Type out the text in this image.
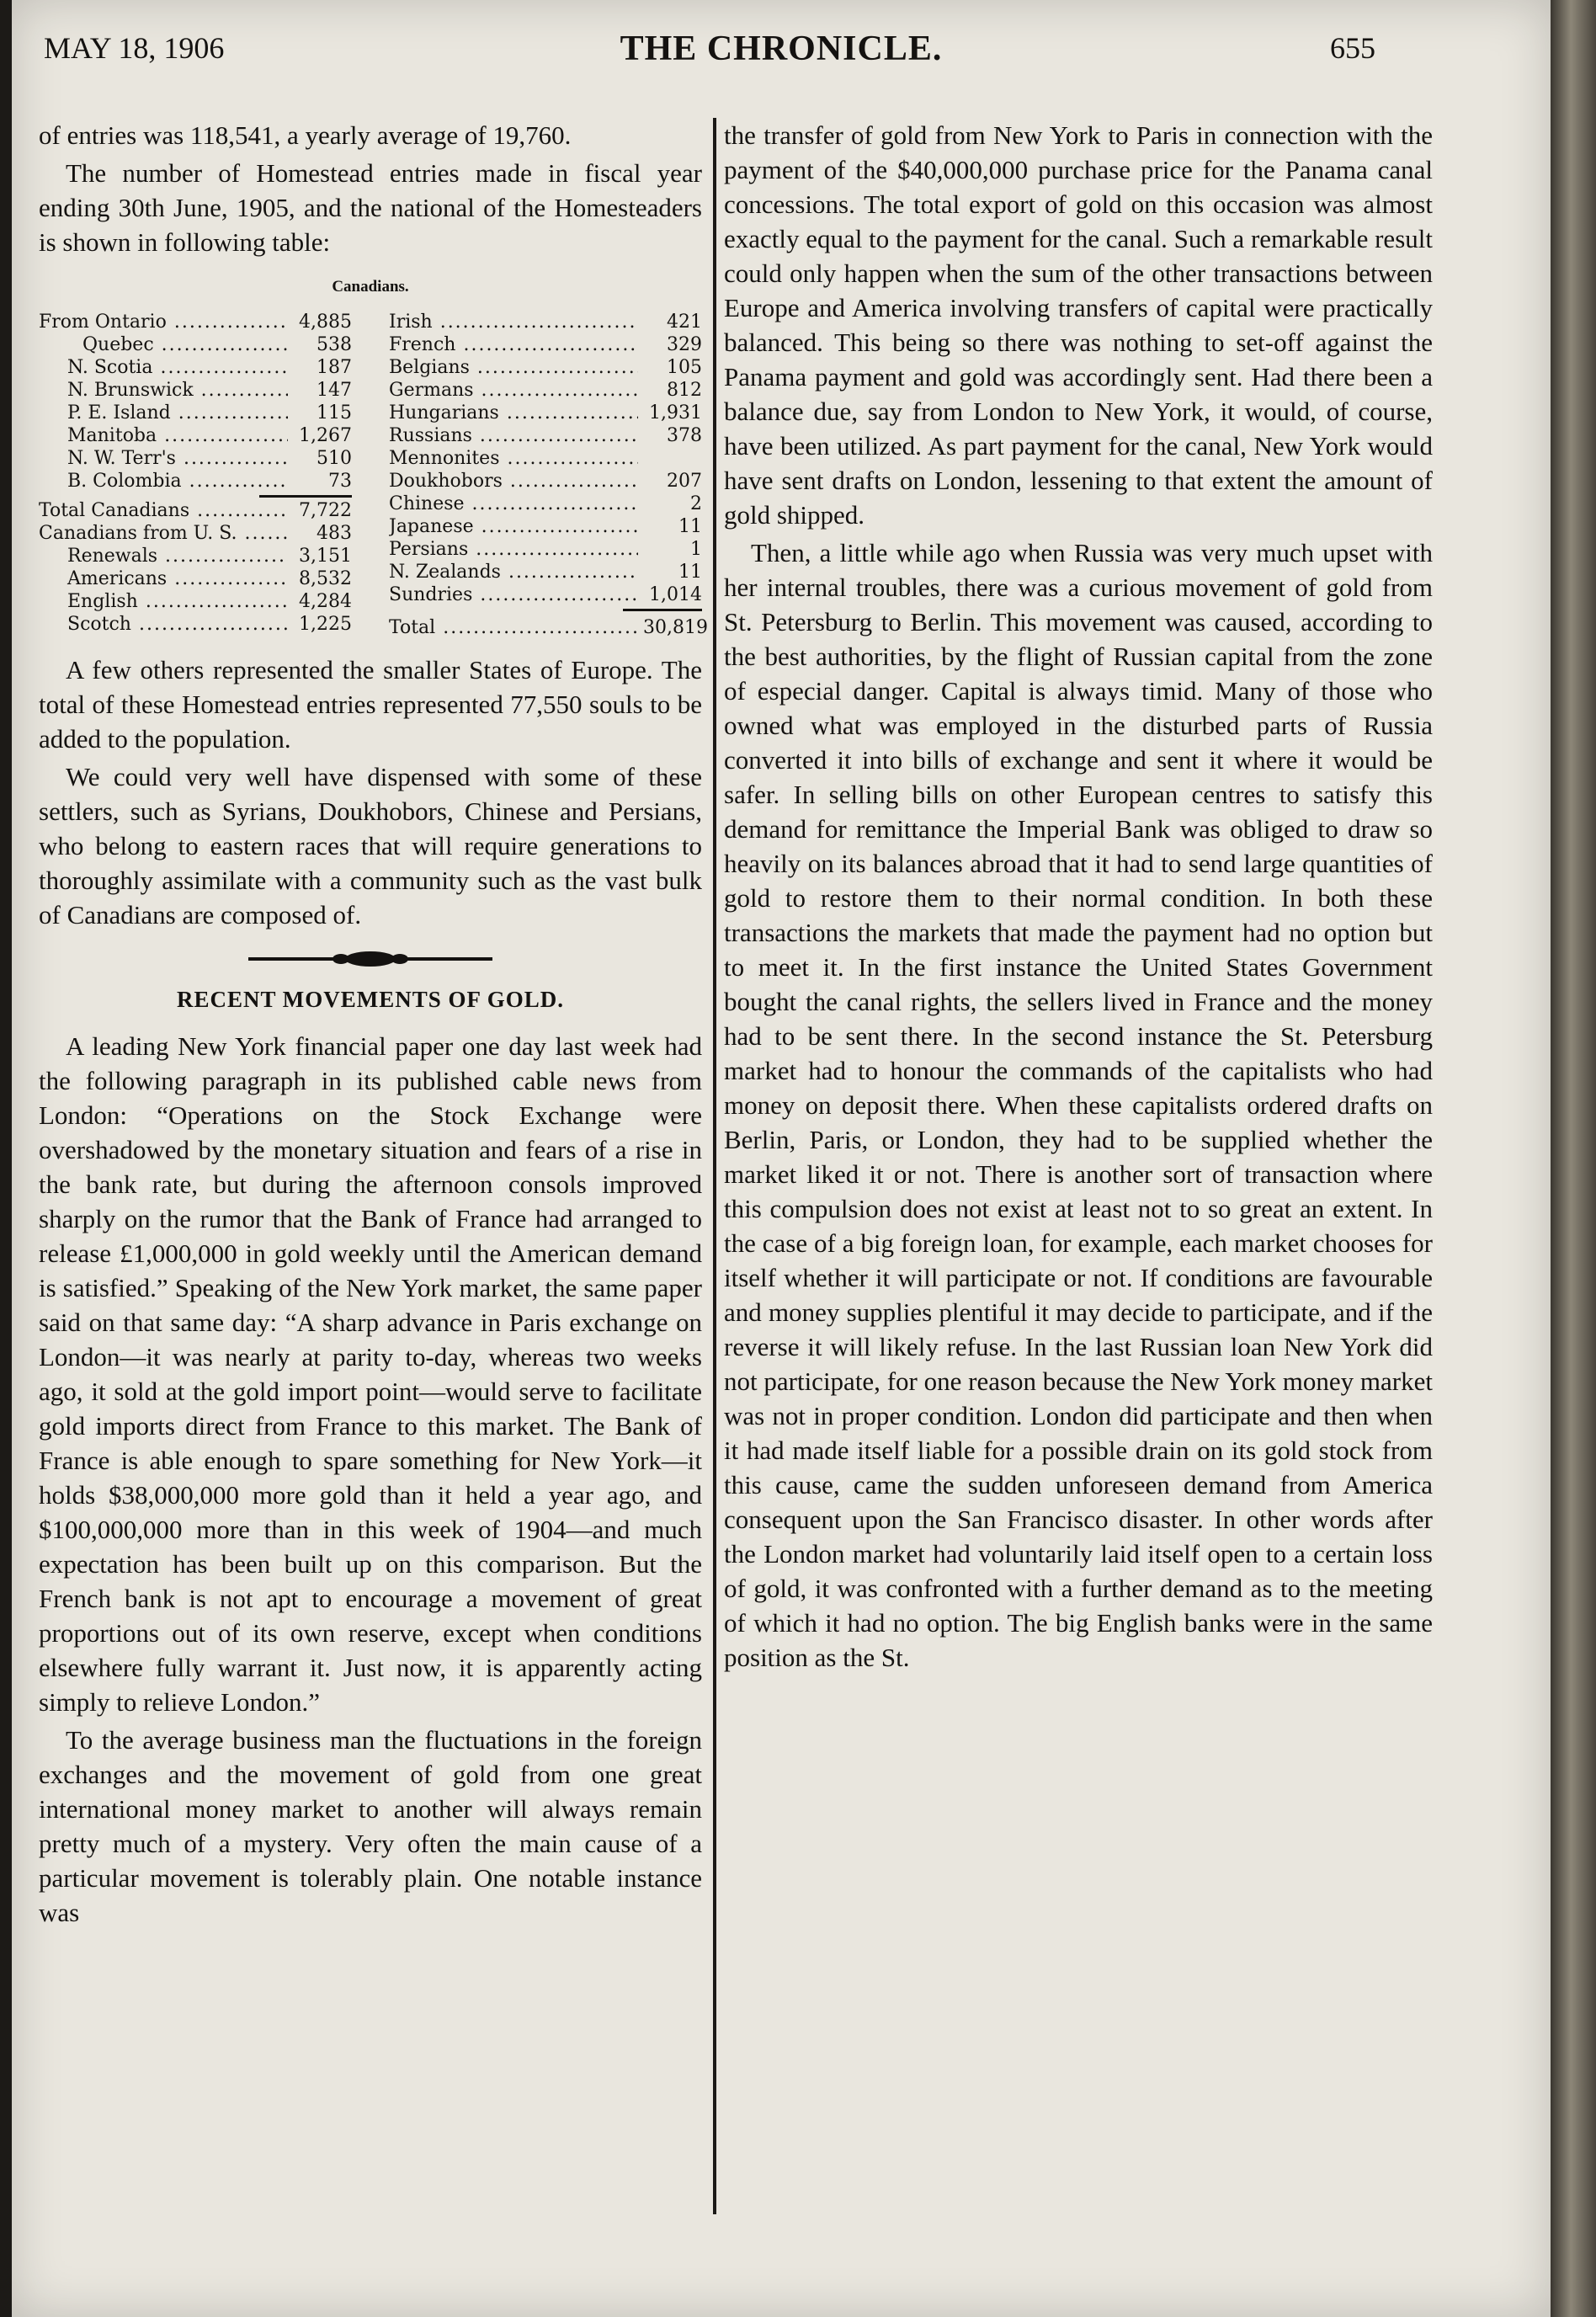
MAY 18, 1906	THE CHRONICLE.	655

of entries was 118,541, a yearly average of 19,760.

The number of Homestead entries made in fiscal year ending 30th June, 1905, and the national of the Homesteaders is shown in following table:

Canadians.
From Ontario .....	4,885
Quebec .....	538
N. Scotia .....	187
N. Brunswick .....	147
P. E. Island .....	115
Manitoba .....	1,267
N. W. Terr's .....	510
B. Colombia .....	73
Total Canadians .....	7,722
Canadians from U. S. .....	483
Renewals .....	3,151
Americans .....	8,532
English .....	4,284
Scotch .....	1,225
Irish .....	421
French .....	329
Belgians .....	105
Germans .....	812
Hungarians .....	1,931
Russians .....	378
Mennonites .....
Doukhobors .....	207
Chinese .....	2
Japanese .....	11
Persians .....	1
N. Zealands .....	11
Sundries .....	1,014
Total .....	30,819

A few others represented the smaller States of Europe. The total of these Homestead entries represented 77,550 souls to be added to the population.

We could very well have dispensed with some of these settlers, such as Syrians, Doukhobors, Chinese and Persians, who belong to eastern races that will require generations to thoroughly assimilate with a community such as the vast bulk of Canadians are composed of.

RECENT MOVEMENTS OF GOLD.

A leading New York financial paper one day last week had the following paragraph in its published cable news from London: “Operations on the Stock Exchange were overshadowed by the monetary situation and fears of a rise in the bank rate, but during the afternoon consols improved sharply on the rumor that the Bank of France had arranged to release £1,000,000 in gold weekly until the American demand is satisfied.” Speaking of the New York market, the same paper said on that same day: “A sharp advance in Paris exchange on London—it was nearly at parity to-day, whereas two weeks ago, it sold at the gold import point—would serve to facilitate gold imports direct from France to this market. The Bank of France is able enough to spare something for New York—it holds $38,000,000 more gold than it held a year ago, and $100,000,000 more than in this week of 1904—and much expectation has been built up on this comparison. But the French bank is not apt to encourage a movement of great proportions out of its own reserve, except when conditions elsewhere fully warrant it. Just now, it is apparently acting simply to relieve London.”

To the average business man the fluctuations in the foreign exchanges and the movement of gold from one great international money market to another will always remain pretty much of a mystery. Very often the main cause of a particular movement is tolerably plain. One notable instance was

the transfer of gold from New York to Paris in connection with the payment of the $40,000,000 purchase price for the Panama canal concessions. The total export of gold on this occasion was almost exactly equal to the payment for the canal. Such a remarkable result could only happen when the sum of the other transactions between Europe and America involving transfers of capital were practically balanced. This being so there was nothing to set-off against the Panama payment and gold was accordingly sent. Had there been a balance due, say from London to New York, it would, of course, have been utilized. As part payment for the canal, New York would have sent drafts on London, lessening to that extent the amount of gold shipped.

Then, a little while ago when Russia was very much upset with her internal troubles, there was a curious movement of gold from St. Petersburg to Berlin. This movement was caused, according to the best authorities, by the flight of Russian capital from the zone of especial danger. Capital is always timid. Many of those who owned what was employed in the disturbed parts of Russia converted it into bills of exchange and sent it where it would be safer. In selling bills on other European centres to satisfy this demand for remittance the Imperial Bank was obliged to draw so heavily on its balances abroad that it had to send large quantities of gold to restore them to their normal condition. In both these transactions the markets that made the payment had no option but to meet it. In the first instance the United States Government bought the canal rights, the sellers lived in France and the money had to be sent there. In the second instance the St. Petersburg market had to honour the commands of the capitalists who had money on deposit there. When these capitalists ordered drafts on Berlin, Paris, or London, they had to be supplied whether the market liked it or not. There is another sort of transaction where this compulsion does not exist at least not to so great an extent. In the case of a big foreign loan, for example, each market chooses for itself whether it will participate or not. If conditions are favourable and money supplies plentiful it may decide to participate, and if the reverse it will likely refuse. In the last Russian loan New York did not participate, for one reason because the New York money market was not in proper condition. London did participate and then when it had made itself liable for a possible drain on its gold stock from this cause, came the sudden unforeseen demand from America consequent upon the San Francisco disaster. In other words after the London market had voluntarily laid itself open to a certain loss of gold, it was confronted with a further demand as to the meeting of which it had no option. The big English banks were in the same position as the St.
